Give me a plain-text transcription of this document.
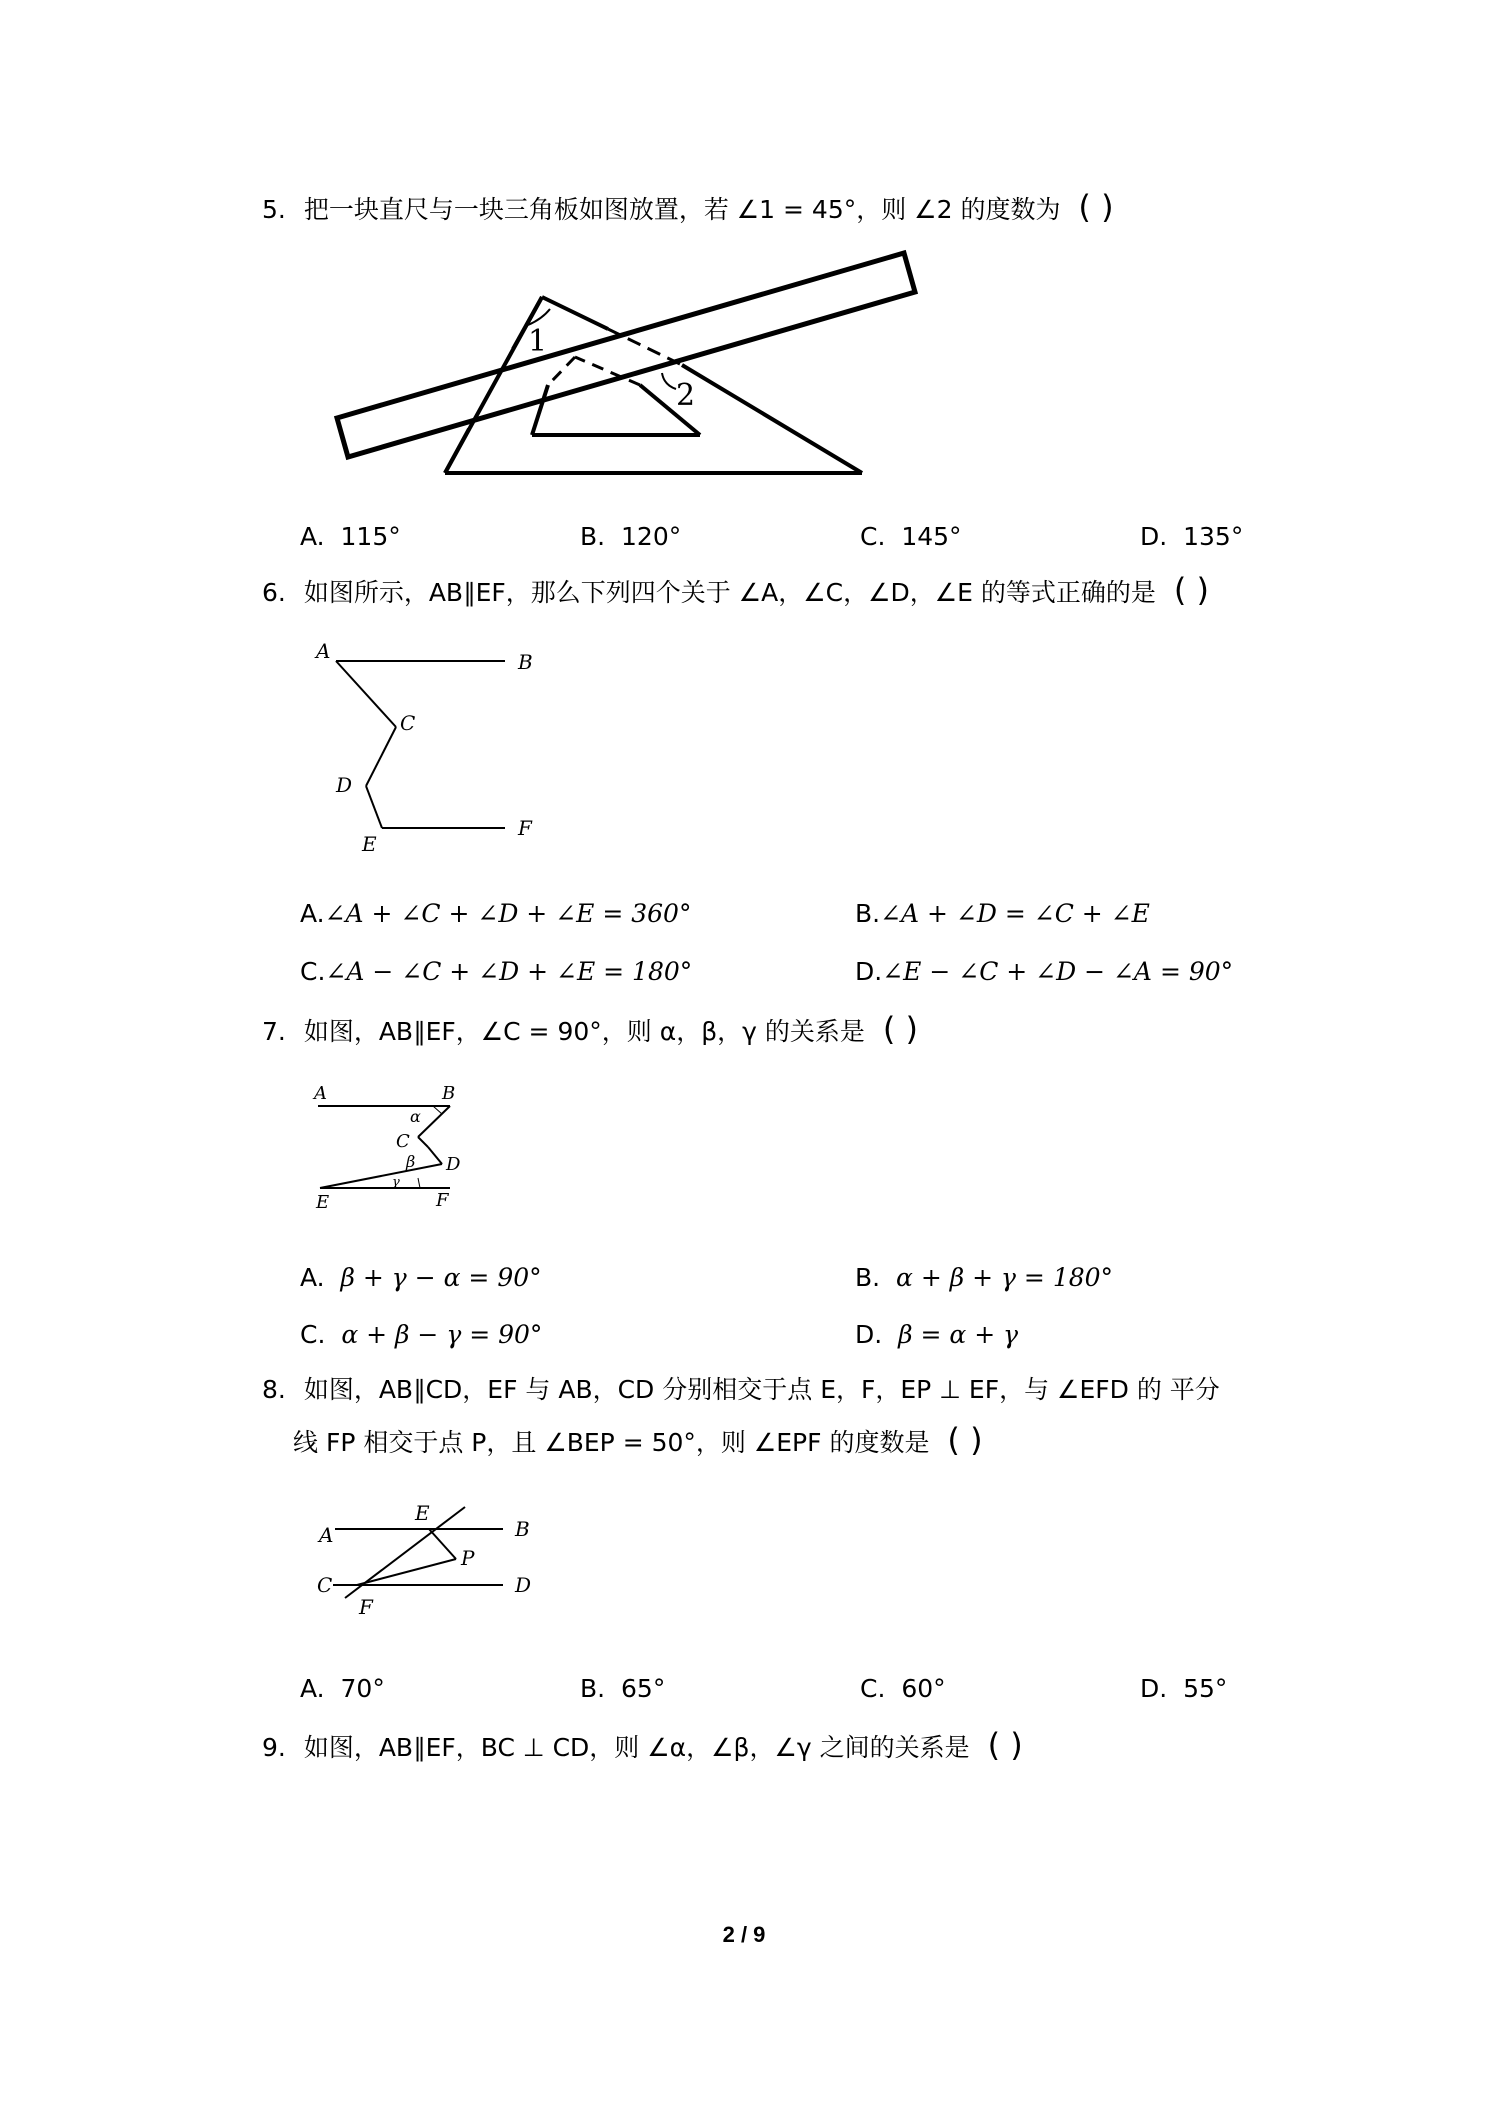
5. 把一块直尺与一块三角板如图放置，若 ∠1 = 45°，则 ∠2 的度数为 ( )
1
2
A. 115°	B. 120°	C. 145°	D. 135°
6. 如图所示，AB∥EF，那么下列四个关于 ∠A，∠C，∠D，∠E 的等式正确的是 ( )
A	B
C
D
E
F
A.∠A + ∠C + ∠D + ∠E = 360°	B.∠A + ∠D = ∠C + ∠E
C.∠A − ∠C + ∠D + ∠E = 180°	D.∠E − ∠C + ∠D − ∠A = 90°
7. 如图，AB∥EF，∠C = 90°，则 α，β，γ 的关系是 ( )
A	B
α
C
β D
γ
E	F
A. β + γ − α = 90°	B. α + β + γ = 180°
C. α + β − γ = 90°	D. β = α + γ
8. 如图，AB∥CD，EF 与 AB，CD 分别相交于点 E，F，EP ⊥ EF，与 ∠EFD 的 平分
线 FP 相交于点 P，且 ∠BEP = 50°，则 ∠EPF 的度数是 ( )
E
A	B
P
C
F
D
A. 70°	B. 65°	C. 60°	D. 55°
9. 如图，AB∥EF，BC ⊥ CD，则 ∠α，∠β，∠γ 之间的关系是 ( )
2 / 9
